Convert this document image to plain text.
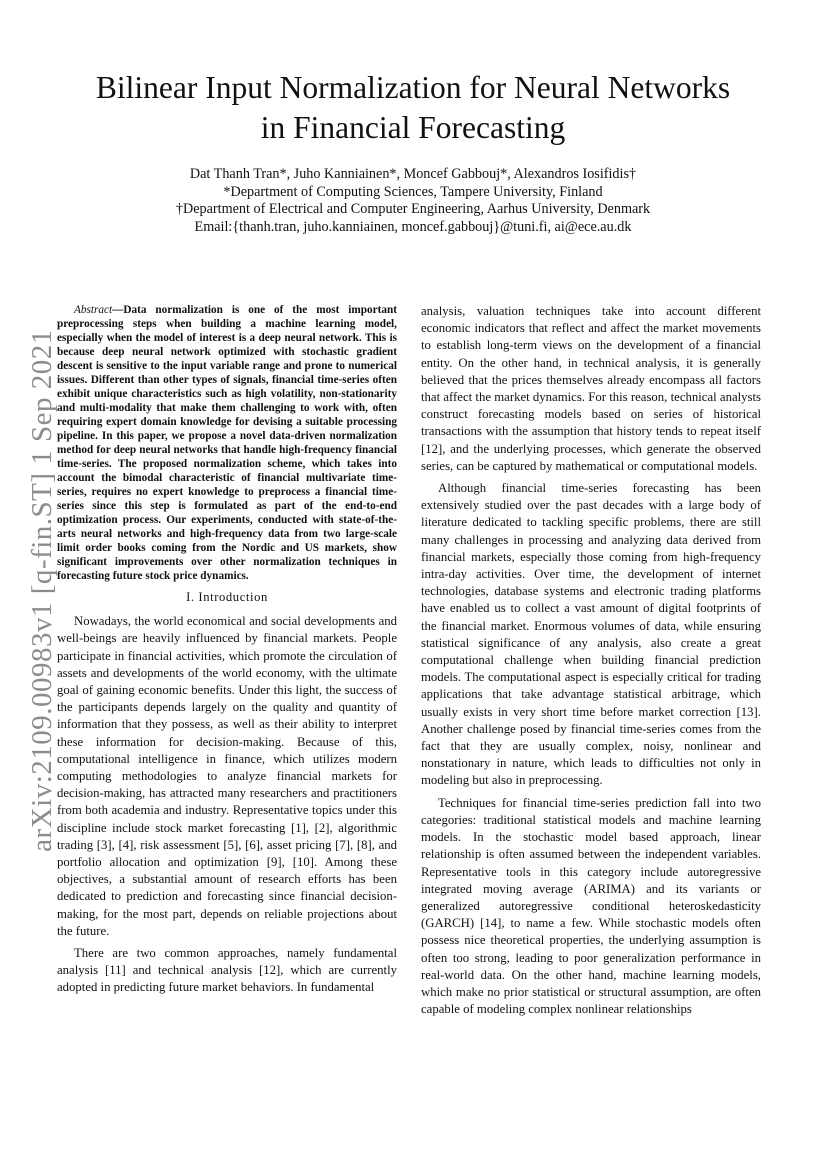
arXiv:2109.00983v1 [q-fin.ST] 1 Sep 2021
Bilinear Input Normalization for Neural Networks
in Financial Forecasting
Dat Thanh Tran*, Juho Kanniainen*, Moncef Gabbouj*, Alexandros Iosifidis†
*Department of Computing Sciences, Tampere University, Finland
†Department of Electrical and Computer Engineering, Aarhus University, Denmark
Email:{thanh.tran, juho.kanniainen, moncef.gabbouj}@tuni.fi, ai@ece.au.dk

Abstract—Data normalization is one of the most important preprocessing steps when building a machine learning model, especially when the model of interest is a deep neural network. This is because deep neural network optimized with stochastic gradient descent is sensitive to the input variable range and prone to numerical issues. Different than other types of signals, financial time-series often exhibit unique characteristics such as high volatility, non-stationarity and multi-modality that make them challenging to work with, often requiring expert domain knowledge for devising a suitable processing pipeline. In this paper, we propose a novel data-driven normalization method for deep neural networks that handle high-frequency financial time-series. The proposed normalization scheme, which takes into account the bimodal characteristic of financial multivariate time-series, requires no expert knowledge to preprocess a financial time-series since this step is formulated as part of the end-to-end optimization process. Our experiments, conducted with state-of-the-arts neural networks and high-frequency data from two large-scale limit order books coming from the Nordic and US markets, show significant improvements over other normalization techniques in forecasting future stock price dynamics.

I. Introduction

Nowadays, the world economical and social developments and well-beings are heavily influenced by financial markets. People participate in financial activities, which promote the circulation of assets and developments of the world economy, with the ultimate goal of gaining economic benefits. Under this light, the success of the participants depends largely on the quality and quantity of information that they possess, as well as their ability to interpret these information for decision-making. Because of this, computational intelligence in finance, which utilizes modern computing methodologies to analyze financial markets for decision-making, has attracted many researchers and practitioners from both academia and industry. Representative topics under this discipline include stock market forecasting [1], [2], algorithmic trading [3], [4], risk assessment [5], [6], asset pricing [7], [8], and portfolio allocation and optimization [9], [10]. Among these objectives, a substantial amount of research efforts has been dedicated to prediction and forecasting since financial decision-making, for the most part, depends on reliable projections about the future.

There are two common approaches, namely fundamental analysis [11] and technical analysis [12], which are currently adopted in predicting future market behaviors. In fundamental

analysis, valuation techniques take into account different economic indicators that reflect and affect the market movements to establish long-term views on the development of a financial entity. On the other hand, in technical analysis, it is generally believed that the prices themselves already encompass all factors that affect the market dynamics. For this reason, technical analysts construct forecasting models based on series of historical transactions with the assumption that history tends to repeat itself [12], and the underlying processes, which generate the observed series, can be captured by mathematical or computational models.

Although financial time-series forecasting has been extensively studied over the past decades with a large body of literature dedicated to tackling specific problems, there are still many challenges in processing and analyzing data derived from financial markets, especially those coming from high-frequency intra-day activities. Over time, the development of internet technologies, database systems and electronic trading platforms have enabled us to collect a vast amount of digital footprints of the financial market. Enormous volumes of data, while ensuring statistical significance of any analysis, also create a great computational challenge when building financial prediction models. The computational aspect is especially critical for trading applications that take advantage statistical arbitrage, which usually exists in very short time before market correction [13]. Another challenge posed by financial time-series comes from the fact that they are usually complex, noisy, nonlinear and nonstationary in nature, which leads to difficulties not only in modeling but also in preprocessing.

Techniques for financial time-series prediction fall into two categories: traditional statistical models and machine learning models. In the stochastic model based approach, linear relationship is often assumed between the independent variables. Representative tools in this category include autoregressive integrated moving average (ARIMA) and its variants or generalized autoregressive conditional heteroskedasticity (GARCH) [14], to name a few. While stochastic models often possess nice theoretical properties, the underlying assumption is often too strong, leading to poor generalization performance in real-world data. On the other hand, machine learning models, which make no prior statistical or structural assumption, are often capable of modeling complex nonlinear relationships
